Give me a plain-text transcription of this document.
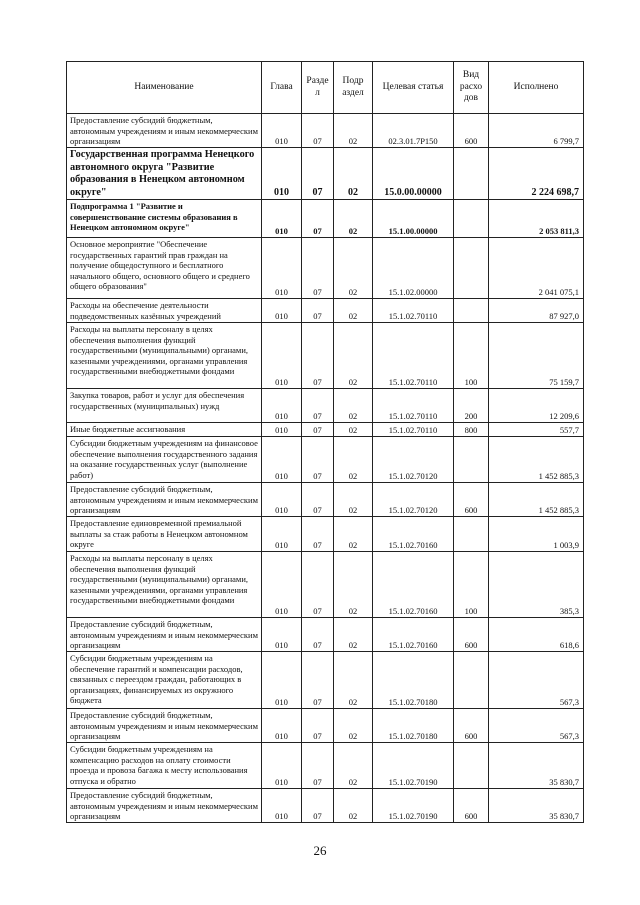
Наименование	Глава	Разде л	Подр аздел	Целевая статья	Вид расхо дов	Исполнено
Предоставление субсидий бюджетным, автономным учреждениям и иным некоммерческим организациям	010	07	02	02.3.01.7Р150	600	6 799,7
Государственная программа Ненецкого автономного округа "Развитие образования в Ненецком автономном округе"	010	07	02	15.0.00.00000		2 224 698,7
Подпрограмма 1 "Развитие и совершенствование системы образования в Ненецком автономном округе"	010	07	02	15.1.00.00000		2 053 811,3
Основное мероприятие "Обеспечение государственных гарантий прав граждан на получение общедоступного и бесплатного начального общего, основного общего и среднего общего образования"	010	07	02	15.1.02.00000		2 041 075,1
Расходы на обеспечение деятельности подведомственных казённых учреждений	010	07	02	15.1.02.70110		87 927,0
Расходы на выплаты персоналу в целях обеспечения выполнения функций государственными (муниципальными) органами, казенными учреждениями, органами управления государственными внебюджетными фондами	010	07	02	15.1.02.70110	100	75 159,7
Закупка товаров, работ и услуг для обеспечения государственных (муниципальных) нужд	010	07	02	15.1.02.70110	200	12 209,6
Иные бюджетные ассигнования	010	07	02	15.1.02.70110	800	557,7
Субсидии бюджетным учреждениям на финансовое обеспечение выполнения государственного задания на оказание государственных услуг (выполнение работ)	010	07	02	15.1.02.70120		1 452 885,3
Предоставление субсидий бюджетным, автономным учреждениям и иным некоммерческим организациям	010	07	02	15.1.02.70120	600	1 452 885,3
Предоставление единовременной премиальной выплаты за стаж работы в Ненецком автономном округе	010	07	02	15.1.02.70160		1 003,9
Расходы на выплаты персоналу в целях обеспечения выполнения функций государственными (муниципальными) органами, казенными учреждениями, органами управления государственными внебюджетными фондами	010	07	02	15.1.02.70160	100	385,3
Предоставление субсидий бюджетным, автономным учреждениям и иным некоммерческим организациям	010	07	02	15.1.02.70160	600	618,6
Субсидии бюджетным учреждениям на обеспечение гарантий и компенсации расходов, связанных с переездом граждан, работающих в организациях, финансируемых из окружного бюджета	010	07	02	15.1.02.70180		567,3
Предоставление субсидий бюджетным, автономным учреждениям и иным некоммерческим организациям	010	07	02	15.1.02.70180	600	567,3
Субсидии бюджетным учреждениям на компенсацию расходов на оплату стоимости проезда и провоза багажа к месту использования отпуска и обратно	010	07	02	15.1.02.70190		35 830,7
Предоставление субсидий бюджетным, автономным учреждениям и иным некоммерческим организациям	010	07	02	15.1.02.70190	600	35 830,7
26
